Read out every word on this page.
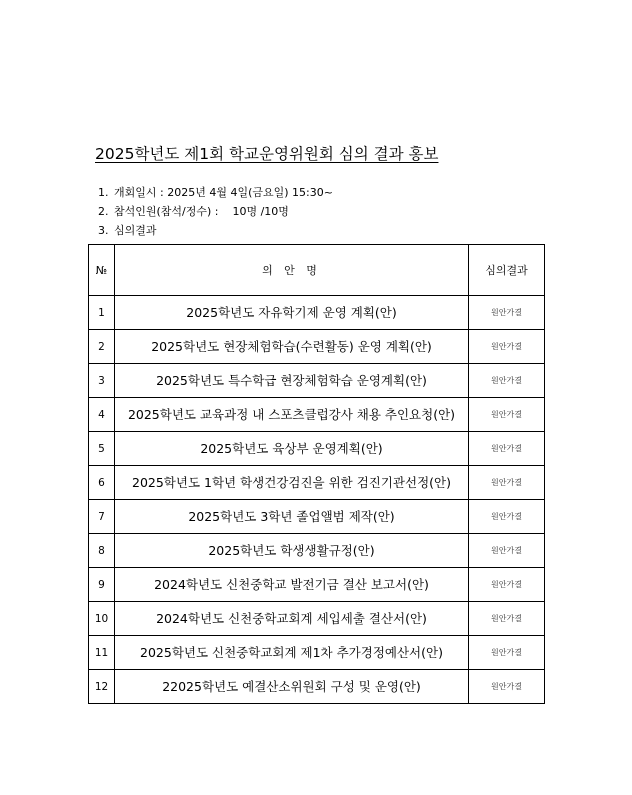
2025학년도 제1회 학교운영위원회 심의 결과 홍보
1. 개회일시 : 2025년 4월 4일(금요일) 15:30~
2. 참석인원(참석/정수) :    10명 /10명
3. 심의결과
№	의 안 명	심의결과
1	2025학년도 자유학기제 운영 계획(안)	원안가결
2	2025학년도 현장체험학습(수련활동) 운영 계획(안)	원안가결
3	2025학년도 특수학급 현장체험학습 운영계획(안)	원안가결
4	2025학년도 교육과정 내 스포츠클럽강사 채용 추인요청(안)	원안가결
5	2025학년도 육상부 운영계획(안)	원안가결
6	2025학년도 1학년 학생건강검진을 위한 검진기관선정(안)	원안가결
7	2025학년도 3학년 졸업앨범 제작(안)	원안가결
8	2025학년도 학생생활규정(안)	원안가결
9	2024학년도 신천중학교 발전기금 결산 보고서(안)	원안가결
10	2024학년도 신천중학교회계 세입세출 결산서(안)	원안가결
11	2025학년도 신천중학교회계 제1차 추가경정예산서(안)	원안가결
12	22025학년도 예결산소위원회 구성 및 운영(안)	원안가결
